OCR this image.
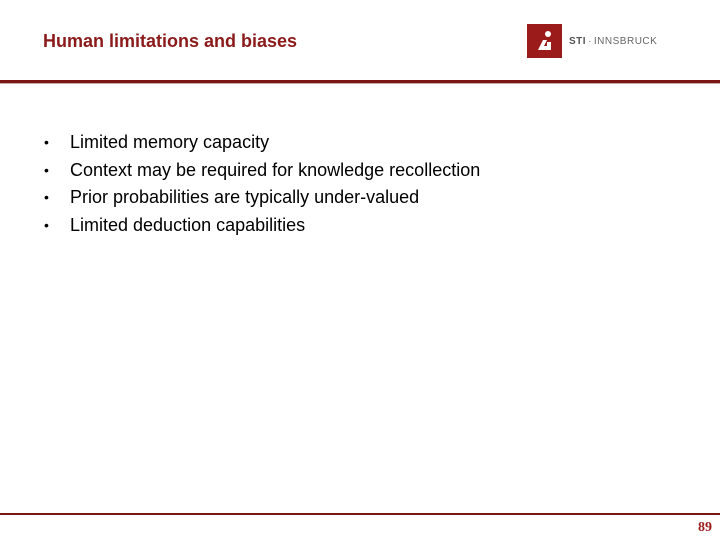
Human limitations and biases	STI · INNSBRUCK
•	Limited memory capacity
•	Context may be required for knowledge recollection
•	Prior probabilities are typically under-valued
•	Limited deduction capabilities
89
